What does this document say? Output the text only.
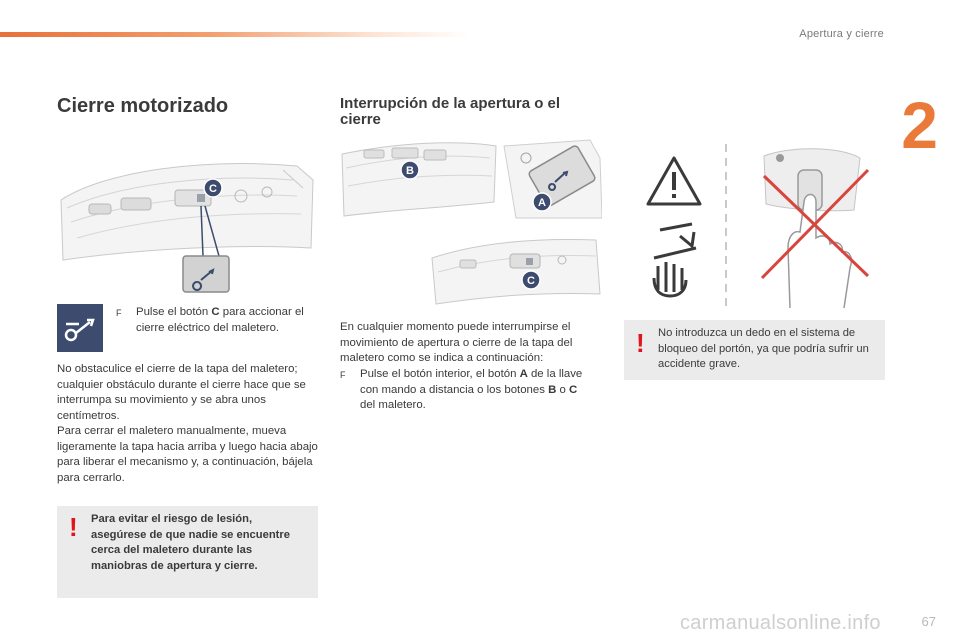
Apertura y cierre
2
Cierre motorizado	Interrupción de la apertura o el cierre
C
F	Pulse el botón C para accionar el cierre eléctrico del maletero.
No obstaculice el cierre de la tapa del maletero; cualquier obstáculo durante el cierre hace que se interrumpa su movimiento y se abra unos centímetros.
Para cerrar el maletero manualmente, mueva ligeramente la tapa hacia arriba y luego hacia abajo para liberar el mecanismo y, a continuación, bájela para cerrarlo.
! Para evitar el riesgo de lesión, asegúrese de que nadie se encuentre cerca del maletero durante las maniobras de apertura y cierre.
B
A
C
En cualquier momento puede interrumpirse el movimiento de apertura o cierre de la tapa del maletero como se indica a continuación:
F	Pulse el botón interior, el botón A de la llave con mando a distancia o los botones B o C del maletero.
! No introduzca un dedo en el sistema de bloqueo del portón, ya que podría sufrir un accidente grave.
carmanualsonline.info	67
